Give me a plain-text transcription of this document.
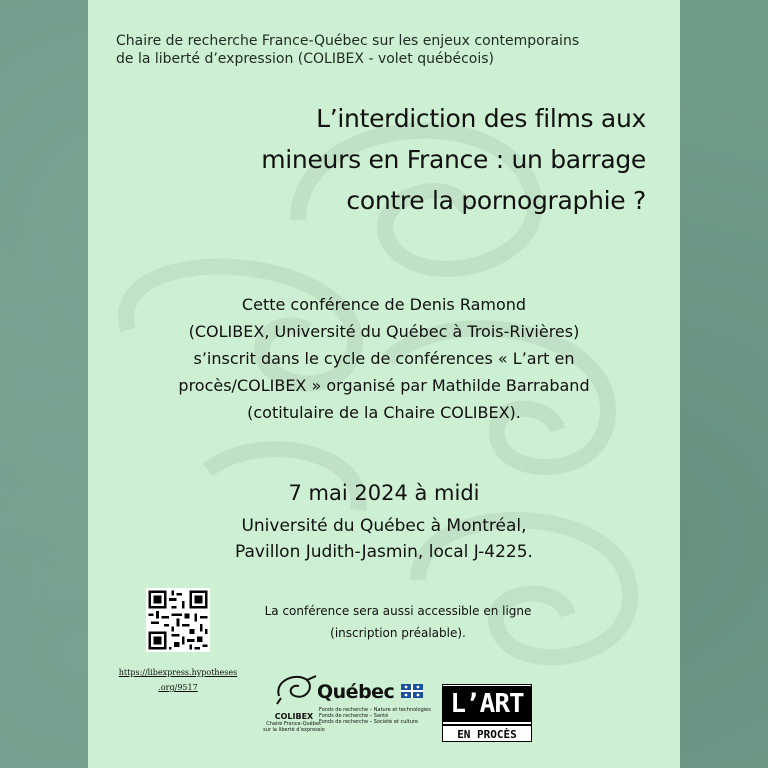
Chaire de recherche France-Québec sur les enjeux contemporains
de la liberté d’expression (COLIBEX - volet québécois)
L’interdiction des films aux
mineurs en France : un barrage
contre la pornographie ?
Cette conférence de Denis Ramond
(COLIBEX, Université du Québec à Trois-Rivières)
s’inscrit dans le cycle de conférences « L’art en
procès/COLIBEX » organisé par Mathilde Barraband
(cotitulaire de la Chaire COLIBEX).
7 mai 2024 à midi
Université du Québec à Montréal,
Pavillon Judith-Jasmin, local J-4225.
La conférence sera aussi accessible en ligne
(inscription préalable).
https://libexpress.hypotheses
.org/9517
COLIBEX
Chaire France-Québec
sur la liberté d’expressio
Québec
Fonds de recherche – Nature et technologies
Fonds de recherche – Santé
Fonds de recherche – Société et culture
L’ART
EN PROCÈS
